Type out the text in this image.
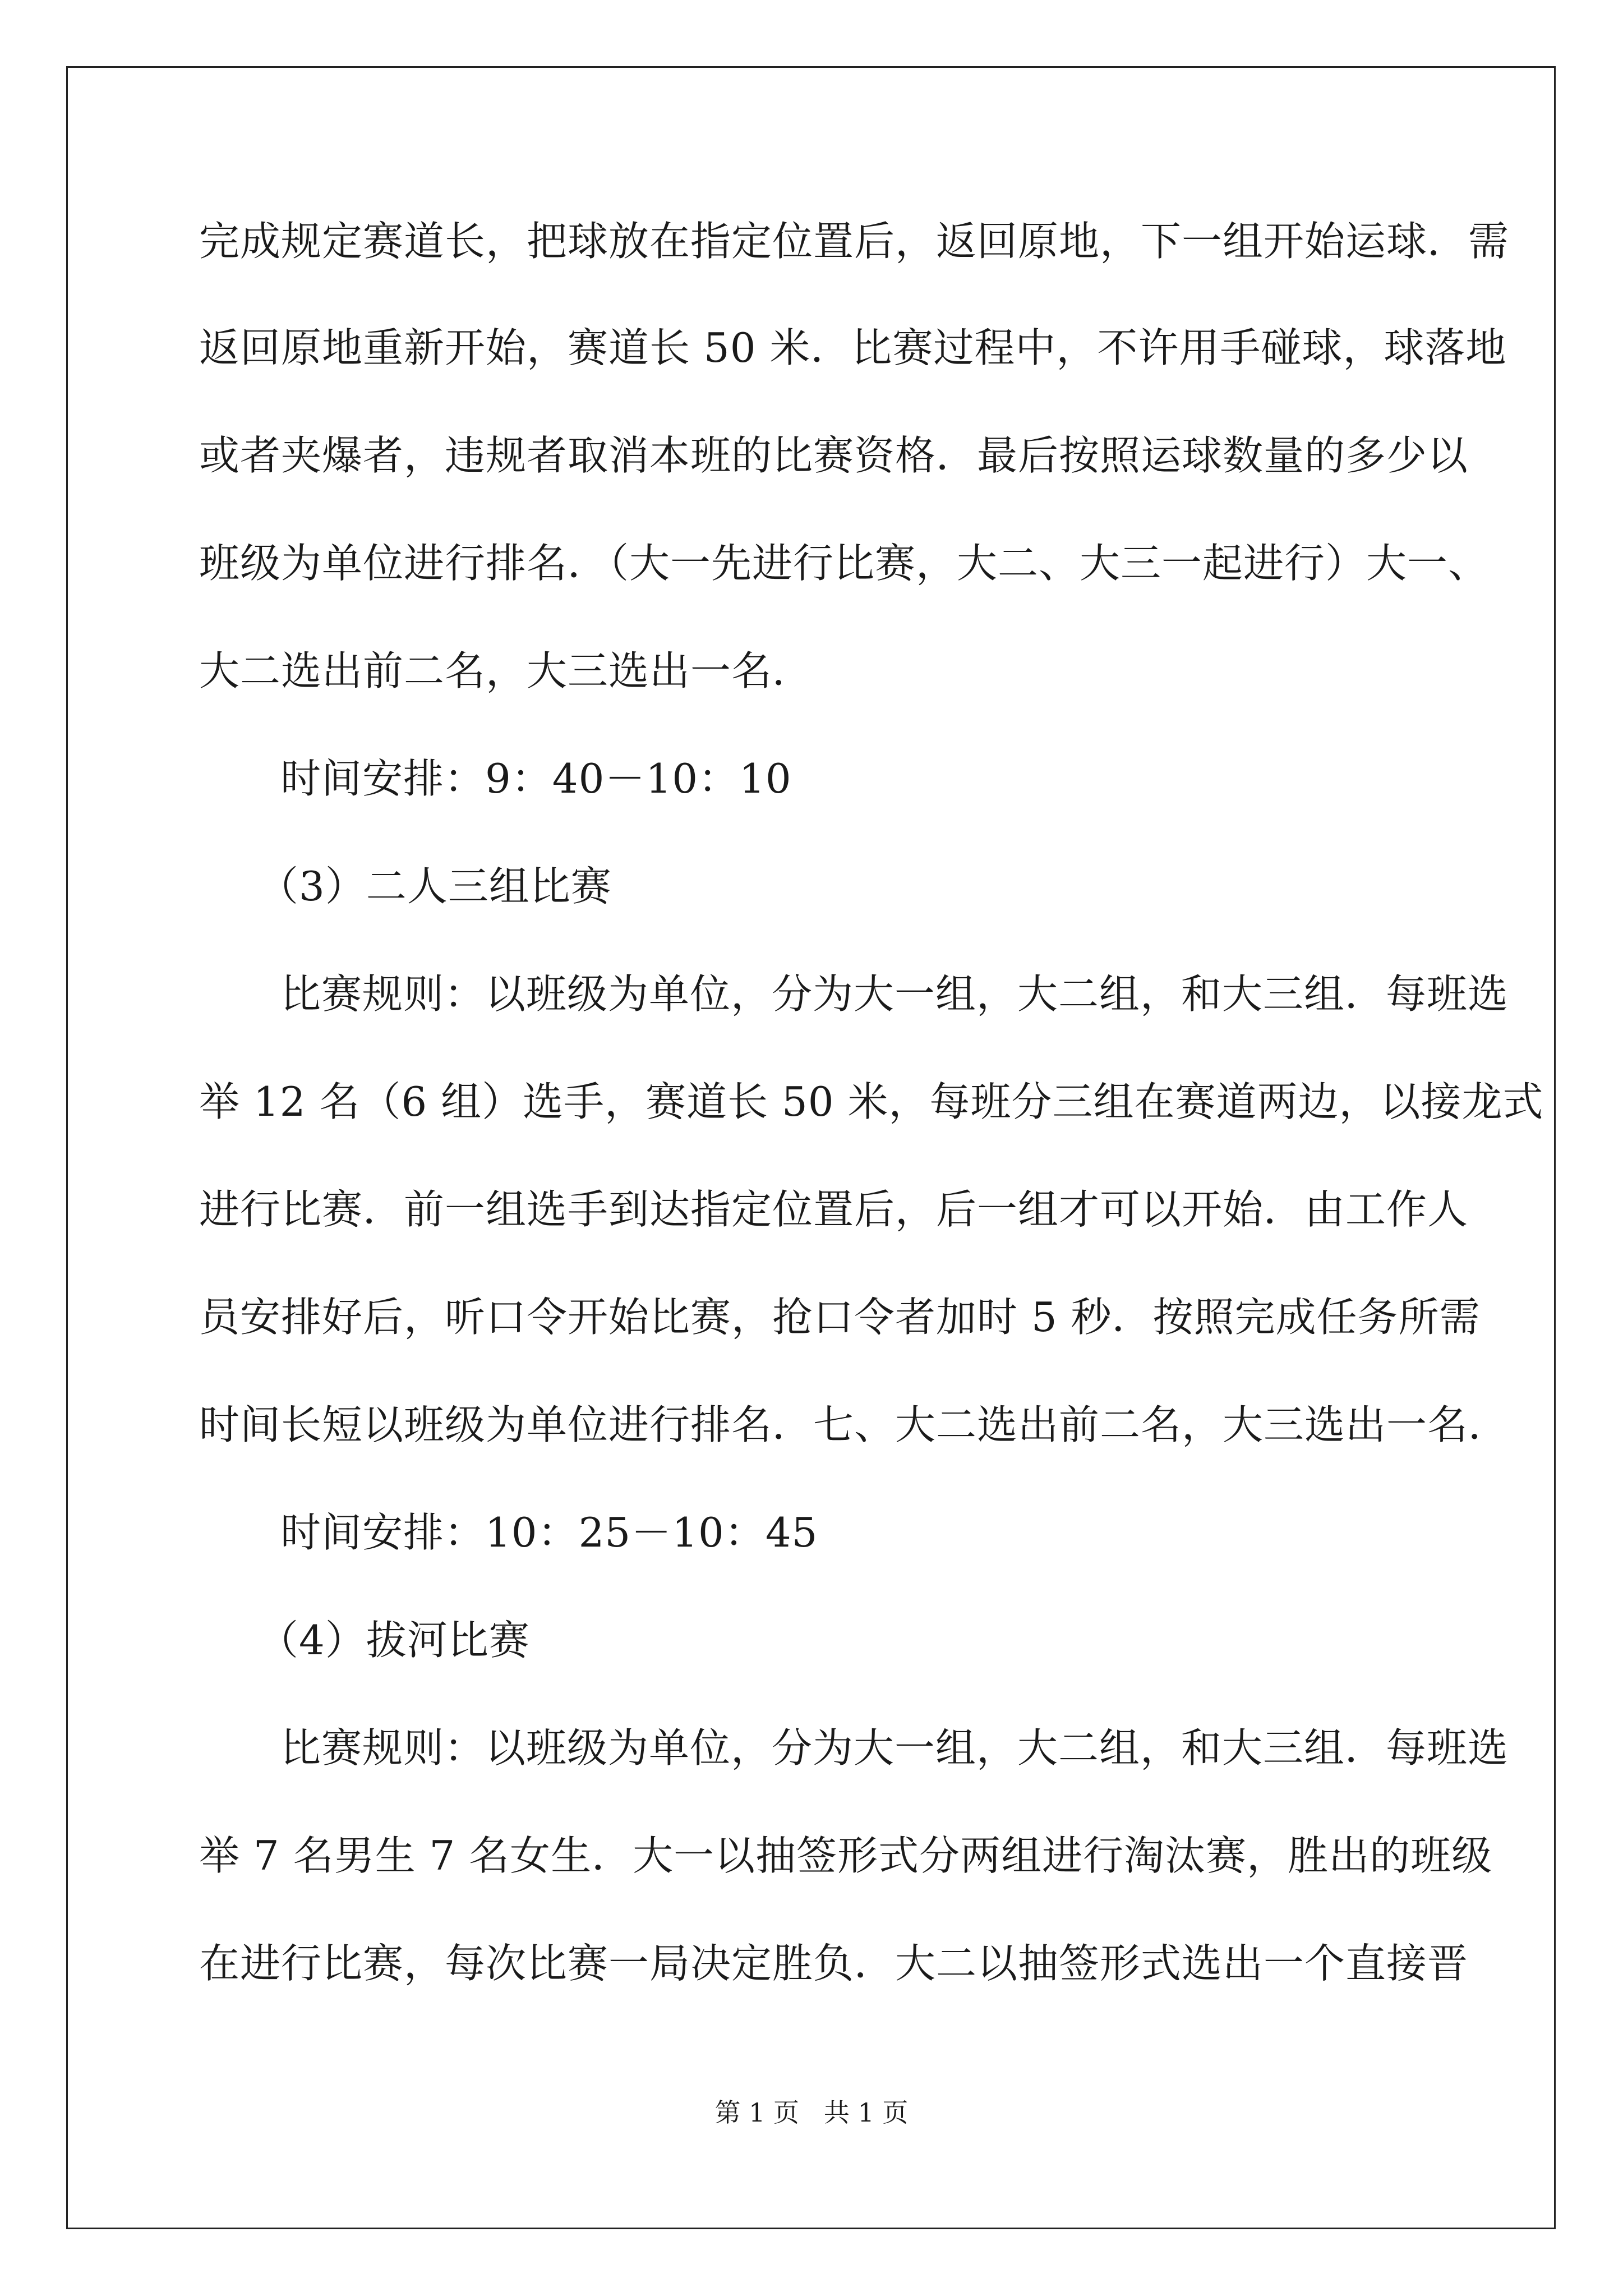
完成规定赛道长，把球放在指定位置后，返回原地，下一组开始运球．需
返回原地重新开始，赛道长 50 米．比赛过程中，不许用手碰球，球落地
或者夹爆者，违规者取消本班的比赛资格．最后按照运球数量的多少以
班级为单位进行排名．（大一先进行比赛，大二、大三一起进行）大一、
大二选出前二名，大三选出一名．
时间安排：9：40－10：10
（3）二人三组比赛
比赛规则：以班级为单位，分为大一组，大二组，和大三组．每班选
举 12 名（6 组）选手，赛道长 50 米，每班分三组在赛道两边，以接龙式
进行比赛．前一组选手到达指定位置后，后一组才可以开始．由工作人
员安排好后，听口令开始比赛，抢口令者加时 5 秒．按照完成任务所需
时间长短以班级为单位进行排名．七、大二选出前二名，大三选出一名．
时间安排：10：25－10：45
（4）拔河比赛
比赛规则：以班级为单位，分为大一组，大二组，和大三组．每班选
举 7 名男生 7 名女生．大一以抽签形式分两组进行淘汰赛，胜出的班级
在进行比赛，每次比赛一局决定胜负．大二以抽签形式选出一个直接晋
第 1 页   共 1 页
